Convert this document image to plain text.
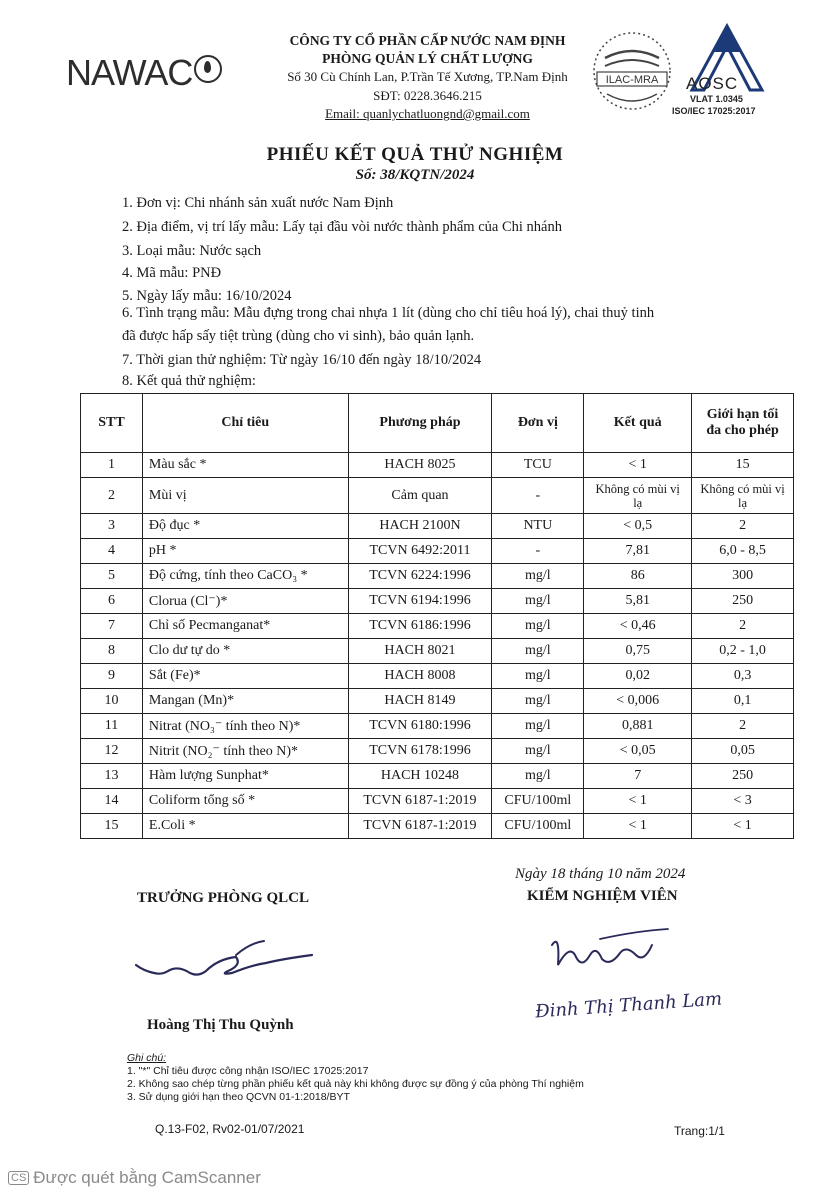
NAWAC
CÔNG TY CỔ PHẦN CẤP NƯỚC NAM ĐỊNH
PHÒNG QUẢN LÝ CHẤT LƯỢNG
Số 30 Cù Chính Lan, P.Trần Tế Xương, TP.Nam Định
SĐT: 0228.3646.215
Email: quanlychatluongnd@gmail.com
ILAC-MRA AOSC
VLAT 1.0345
ISO/IEC 17025:2017
PHIẾU KẾT QUẢ THỬ NGHIỆM
Số: 38/KQTN/2024
1. Đơn vị: Chi nhánh sản xuất nước Nam Định
2. Địa điểm, vị trí lấy mẫu: Lấy tại đầu vòi nước thành phẩm của Chi nhánh
3. Loại mẫu: Nước sạch
4. Mã mẫu: PNĐ
5. Ngày lấy mẫu: 16/10/2024
6. Tình trạng mẫu: Mẫu đựng trong chai nhựa 1 lít (dùng cho chỉ tiêu hoá lý), chai thuỷ tinh
đã được hấp sấy tiệt trùng (dùng cho vi sinh), bảo quản lạnh.
7. Thời gian thử nghiệm: Từ ngày 16/10 đến ngày 18/10/2024
8. Kết quả thử nghiệm:
STT	Chỉ tiêu	Phương pháp	Đơn vị	Kết quả	Giới hạn tối đa cho phép
1	Màu sắc *	HACH 8025	TCU	< 1	15
2	Mùi vị	Cảm quan	-	Không có mùi vị lạ	Không có mùi vị lạ
3	Độ đục *	HACH 2100N	NTU	< 0,5	2
4	pH *	TCVN 6492:2011	-	7,81	6,0 - 8,5
5	Độ cứng, tính theo CaCO₃ *	TCVN 6224:1996	mg/l	86	300
6	Clorua (Cl⁻)*	TCVN 6194:1996	mg/l	5,81	250
7	Chỉ số Pecmanganat*	TCVN 6186:1996	mg/l	< 0,46	2
8	Clo dư tự do *	HACH 8021	mg/l	0,75	0,2 - 1,0
9	Sắt (Fe)*	HACH 8008	mg/l	0,02	0,3
10	Mangan (Mn)*	HACH 8149	mg/l	< 0,006	0,1
11	Nitrat (NO₃⁻ tính theo N)*	TCVN 6180:1996	mg/l	0,881	2
12	Nitrit (NO₂⁻ tính theo N)*	TCVN 6178:1996	mg/l	< 0,05	0,05
13	Hàm lượng Sunphat*	HACH 10248	mg/l	7	250
14	Coliform tổng số *	TCVN 6187-1:2019	CFU/100ml	< 1	< 3
15	E.Coli *	TCVN 6187-1:2019	CFU/100ml	< 1	< 1
TRƯỞNG PHÒNG QLCL
Ngày 18 tháng 10 năm 2024
KIỂM NGHIỆM VIÊN
Hoàng Thị Thu Quỳnh
Đinh Thị Thanh Lam
Ghi chú:
1. "*" Chỉ tiêu được công nhận ISO/IEC 17025:2017
2. Không sao chép từng phần phiếu kết quả này khi không được sự đồng ý của phòng Thí nghiệm
3. Sử dụng giới hạn theo QCVN 01-1:2018/BYT
Q.13-F02, Rv02-01/07/2021	Trang:1/1
CS Được quét bằng CamScanner
